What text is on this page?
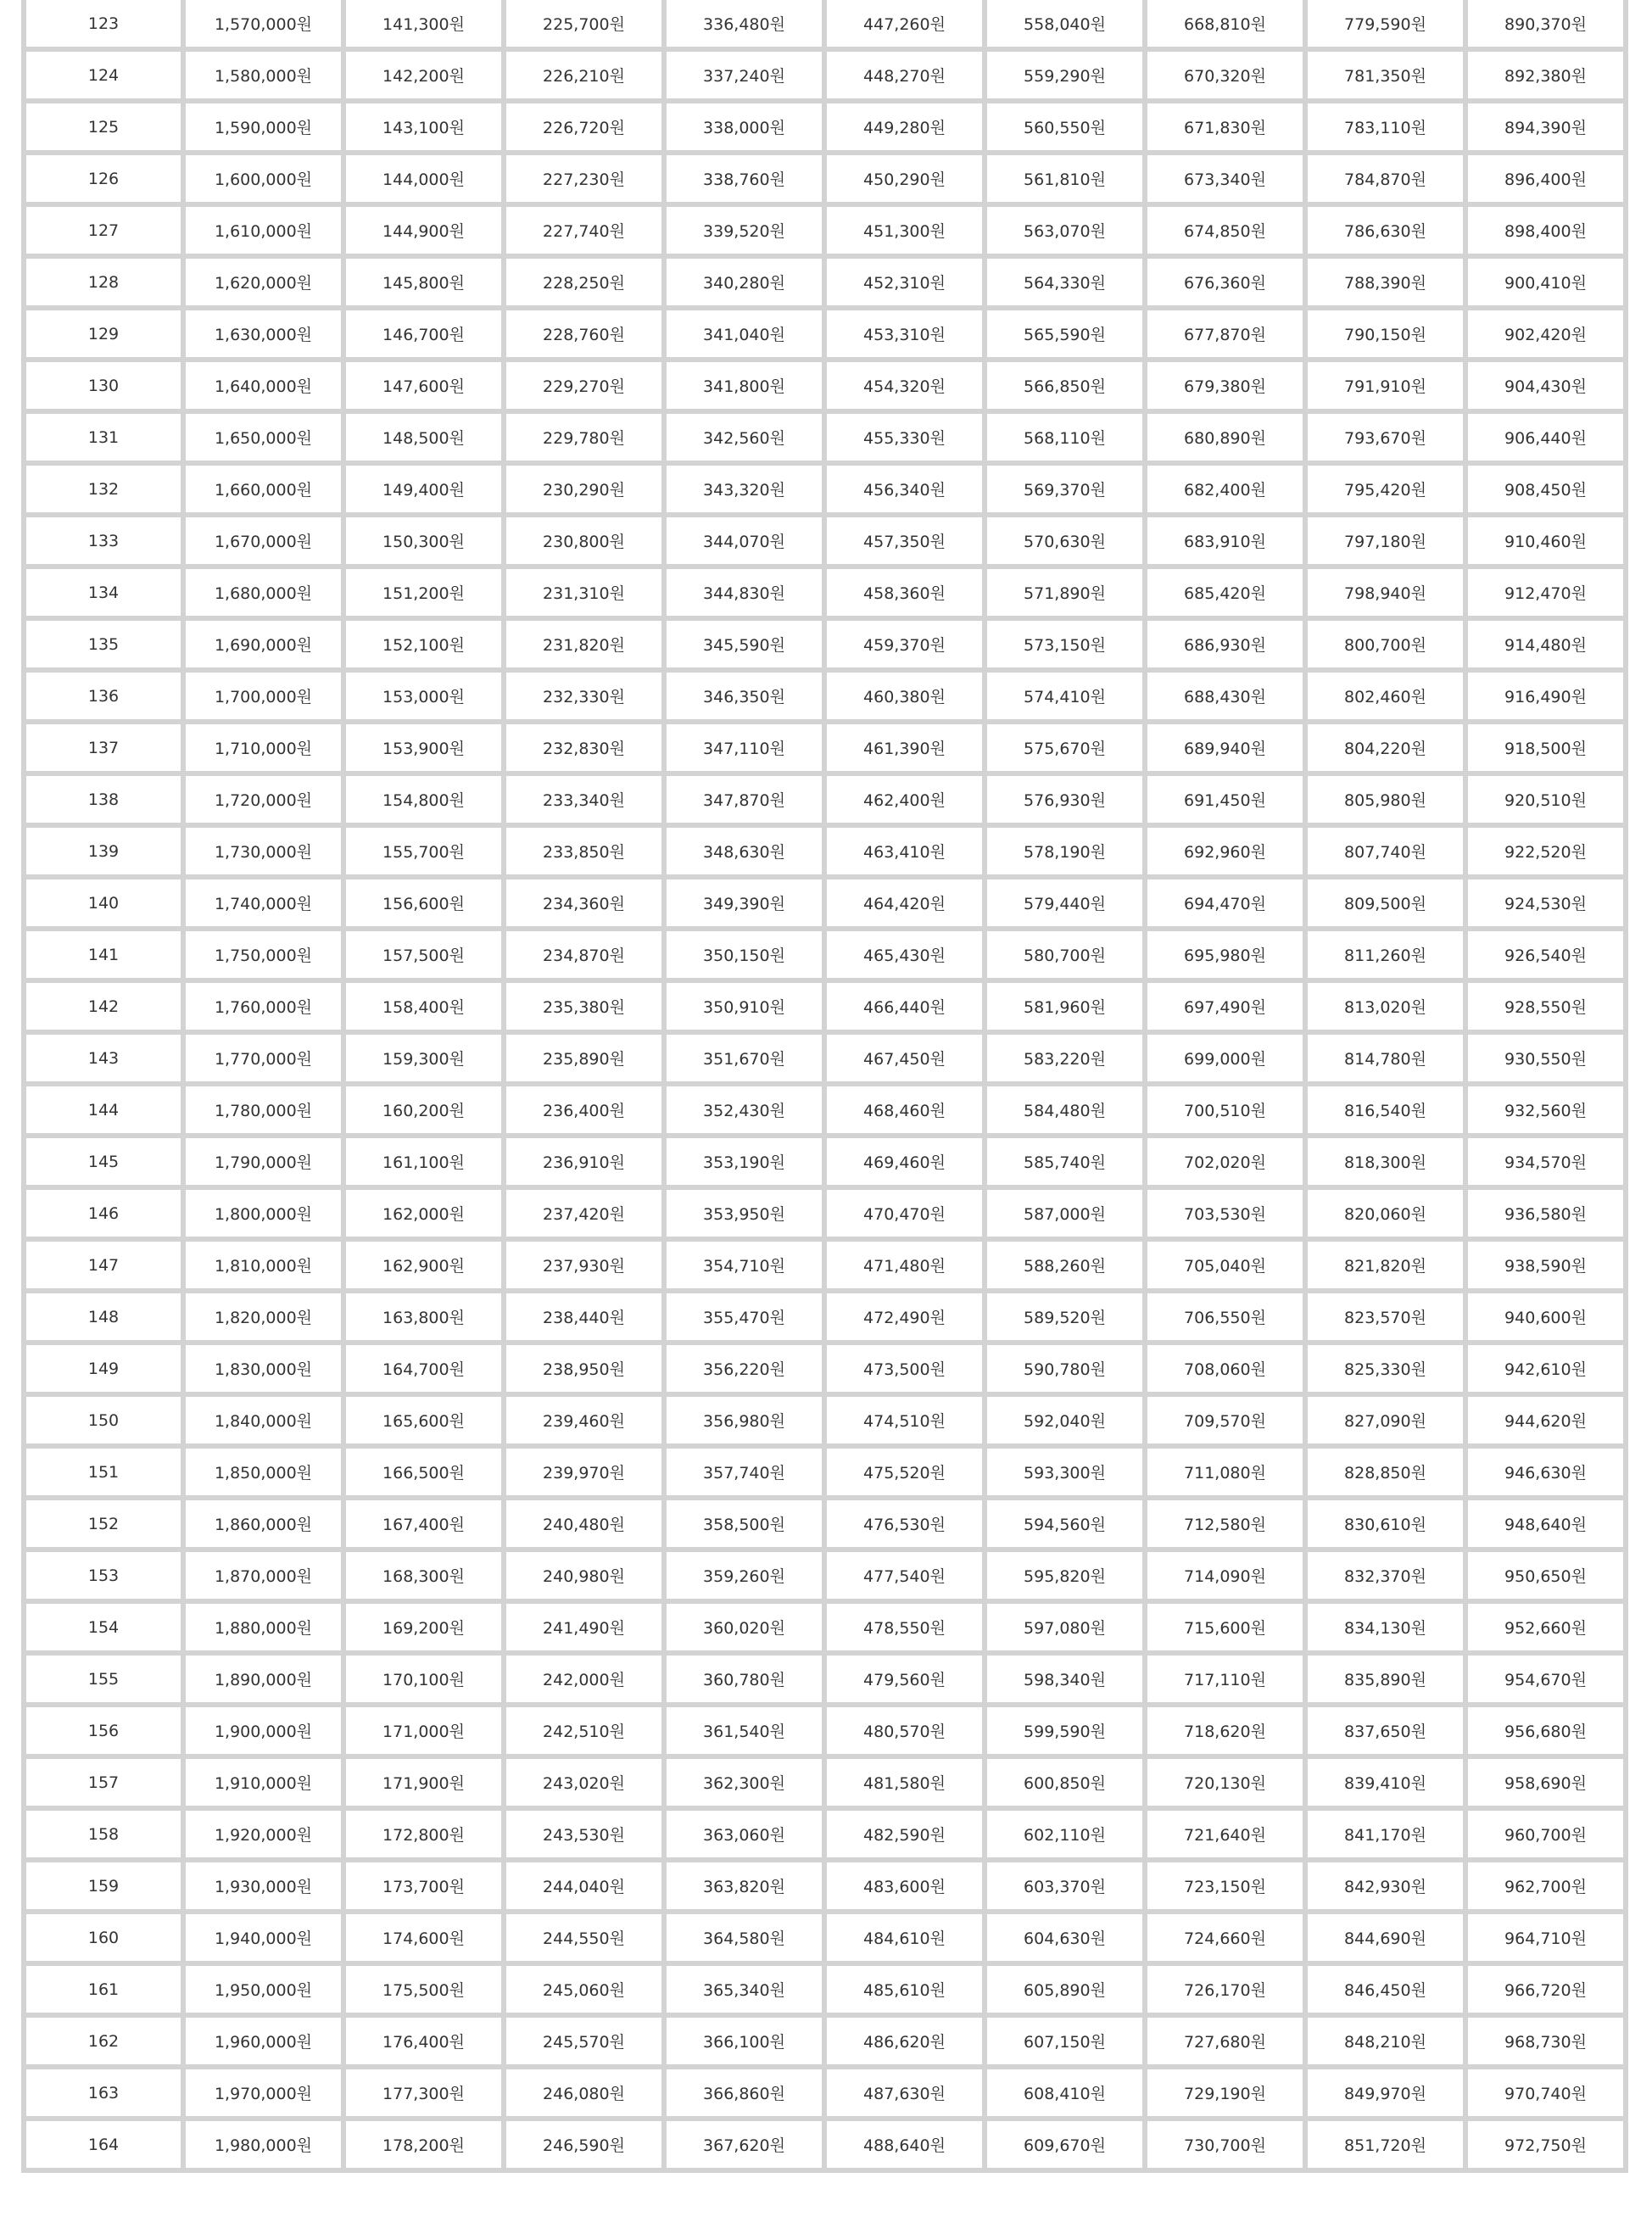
123	1,570,000원	141,300원	225,700원	336,480원	447,260원	558,040원	668,810원	779,590원	890,370원
124	1,580,000원	142,200원	226,210원	337,240원	448,270원	559,290원	670,320원	781,350원	892,380원
125	1,590,000원	143,100원	226,720원	338,000원	449,280원	560,550원	671,830원	783,110원	894,390원
126	1,600,000원	144,000원	227,230원	338,760원	450,290원	561,810원	673,340원	784,870원	896,400원
127	1,610,000원	144,900원	227,740원	339,520원	451,300원	563,070원	674,850원	786,630원	898,400원
128	1,620,000원	145,800원	228,250원	340,280원	452,310원	564,330원	676,360원	788,390원	900,410원
129	1,630,000원	146,700원	228,760원	341,040원	453,310원	565,590원	677,870원	790,150원	902,420원
130	1,640,000원	147,600원	229,270원	341,800원	454,320원	566,850원	679,380원	791,910원	904,430원
131	1,650,000원	148,500원	229,780원	342,560원	455,330원	568,110원	680,890원	793,670원	906,440원
132	1,660,000원	149,400원	230,290원	343,320원	456,340원	569,370원	682,400원	795,420원	908,450원
133	1,670,000원	150,300원	230,800원	344,070원	457,350원	570,630원	683,910원	797,180원	910,460원
134	1,680,000원	151,200원	231,310원	344,830원	458,360원	571,890원	685,420원	798,940원	912,470원
135	1,690,000원	152,100원	231,820원	345,590원	459,370원	573,150원	686,930원	800,700원	914,480원
136	1,700,000원	153,000원	232,330원	346,350원	460,380원	574,410원	688,430원	802,460원	916,490원
137	1,710,000원	153,900원	232,830원	347,110원	461,390원	575,670원	689,940원	804,220원	918,500원
138	1,720,000원	154,800원	233,340원	347,870원	462,400원	576,930원	691,450원	805,980원	920,510원
139	1,730,000원	155,700원	233,850원	348,630원	463,410원	578,190원	692,960원	807,740원	922,520원
140	1,740,000원	156,600원	234,360원	349,390원	464,420원	579,440원	694,470원	809,500원	924,530원
141	1,750,000원	157,500원	234,870원	350,150원	465,430원	580,700원	695,980원	811,260원	926,540원
142	1,760,000원	158,400원	235,380원	350,910원	466,440원	581,960원	697,490원	813,020원	928,550원
143	1,770,000원	159,300원	235,890원	351,670원	467,450원	583,220원	699,000원	814,780원	930,550원
144	1,780,000원	160,200원	236,400원	352,430원	468,460원	584,480원	700,510원	816,540원	932,560원
145	1,790,000원	161,100원	236,910원	353,190원	469,460원	585,740원	702,020원	818,300원	934,570원
146	1,800,000원	162,000원	237,420원	353,950원	470,470원	587,000원	703,530원	820,060원	936,580원
147	1,810,000원	162,900원	237,930원	354,710원	471,480원	588,260원	705,040원	821,820원	938,590원
148	1,820,000원	163,800원	238,440원	355,470원	472,490원	589,520원	706,550원	823,570원	940,600원
149	1,830,000원	164,700원	238,950원	356,220원	473,500원	590,780원	708,060원	825,330원	942,610원
150	1,840,000원	165,600원	239,460원	356,980원	474,510원	592,040원	709,570원	827,090원	944,620원
151	1,850,000원	166,500원	239,970원	357,740원	475,520원	593,300원	711,080원	828,850원	946,630원
152	1,860,000원	167,400원	240,480원	358,500원	476,530원	594,560원	712,580원	830,610원	948,640원
153	1,870,000원	168,300원	240,980원	359,260원	477,540원	595,820원	714,090원	832,370원	950,650원
154	1,880,000원	169,200원	241,490원	360,020원	478,550원	597,080원	715,600원	834,130원	952,660원
155	1,890,000원	170,100원	242,000원	360,780원	479,560원	598,340원	717,110원	835,890원	954,670원
156	1,900,000원	171,000원	242,510원	361,540원	480,570원	599,590원	718,620원	837,650원	956,680원
157	1,910,000원	171,900원	243,020원	362,300원	481,580원	600,850원	720,130원	839,410원	958,690원
158	1,920,000원	172,800원	243,530원	363,060원	482,590원	602,110원	721,640원	841,170원	960,700원
159	1,930,000원	173,700원	244,040원	363,820원	483,600원	603,370원	723,150원	842,930원	962,700원
160	1,940,000원	174,600원	244,550원	364,580원	484,610원	604,630원	724,660원	844,690원	964,710원
161	1,950,000원	175,500원	245,060원	365,340원	485,610원	605,890원	726,170원	846,450원	966,720원
162	1,960,000원	176,400원	245,570원	366,100원	486,620원	607,150원	727,680원	848,210원	968,730원
163	1,970,000원	177,300원	246,080원	366,860원	487,630원	608,410원	729,190원	849,970원	970,740원
164	1,980,000원	178,200원	246,590원	367,620원	488,640원	609,670원	730,700원	851,720원	972,750원
